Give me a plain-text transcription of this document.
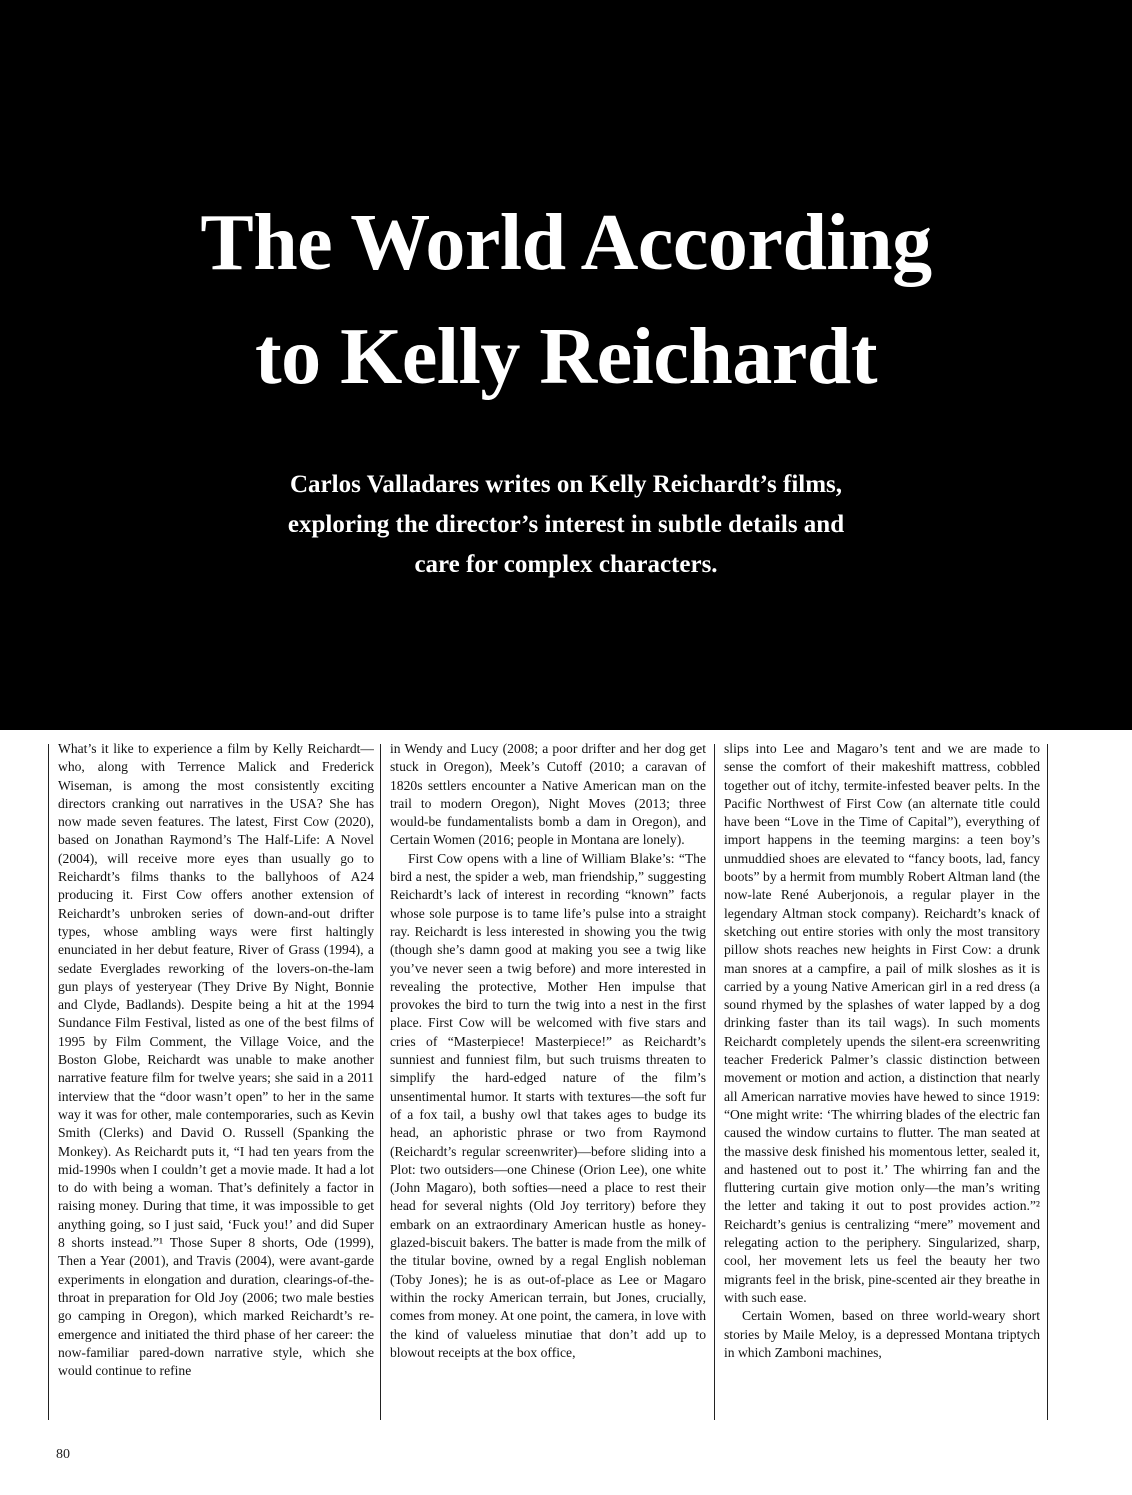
The World According
to Kelly Reichardt
Carlos Valladares writes on Kelly Reichardt’s films,
exploring the director’s interest in subtle details and
care for complex characters.

What’s it like to experience a film by Kelly Reichardt—who, along with Terrence Malick and Frederick Wiseman, is among the most consistently exciting directors cranking out narratives in the USA? She has now made seven features. The latest, First Cow (2020), based on Jonathan Raymond’s The Half-Life: A Novel (2004), will receive more eyes than usually go to Reichardt’s films thanks to the ballyhoos of A24 producing it. First Cow offers another extension of Reichardt’s unbroken series of down-and-out drifter types, whose ambling ways were first haltingly enunciated in her debut feature, River of Grass (1994), a sedate Everglades reworking of the lovers-on-the-lam gun plays of yesteryear (They Drive By Night, Bonnie and Clyde, Badlands). Despite being a hit at the 1994 Sundance Film Festival, listed as one of the best films of 1995 by Film Comment, the Village Voice, and the Boston Globe, Reichardt was unable to make another narrative feature film for twelve years; she said in a 2011 interview that the “door wasn’t open” to her in the same way it was for other, male contemporaries, such as Kevin Smith (Clerks) and David O. Russell (Spanking the Monkey). As Reichardt puts it, “I had ten years from the mid-1990s when I couldn’t get a movie made. It had a lot to do with being a woman. That’s definitely a factor in raising money. During that time, it was impossible to get anything going, so I just said, ‘Fuck you!’ and did Super 8 shorts instead.”¹ Those Super 8 shorts, Ode (1999), Then a Year (2001), and Travis (2004), were avant-garde experiments in elongation and duration, clearings-of-the-throat in preparation for Old Joy (2006; two male besties go camping in Oregon), which marked Reichardt’s re-emergence and initiated the third phase of her career: the now-familiar pared-down narrative style, which she would continue to refine

in Wendy and Lucy (2008; a poor drifter and her dog get stuck in Oregon), Meek’s Cutoff (2010; a caravan of 1820s settlers encounter a Native American man on the trail to modern Oregon), Night Moves (2013; three would-be fundamentalists bomb a dam in Oregon), and Certain Women (2016; people in Montana are lonely).

First Cow opens with a line of William Blake’s: “The bird a nest, the spider a web, man friendship,” suggesting Reichardt’s lack of interest in recording “known” facts whose sole purpose is to tame life’s pulse into a straight ray. Reichardt is less interested in showing you the twig (though she’s damn good at making you see a twig like you’ve never seen a twig before) and more interested in revealing the protective, Mother Hen impulse that provokes the bird to turn the twig into a nest in the first place. First Cow will be welcomed with five stars and cries of “Masterpiece! Masterpiece!” as Reichardt’s sunniest and funniest film, but such truisms threaten to simplify the hard-edged nature of the film’s unsentimental humor. It starts with textures—the soft fur of a fox tail, a bushy owl that takes ages to budge its head, an aphoristic phrase or two from Raymond (Reichardt’s regular screenwriter)—before sliding into a Plot: two outsiders—one Chinese (Orion Lee), one white (John Magaro), both softies—need a place to rest their head for several nights (Old Joy territory) before they embark on an extraordinary American hustle as honey-glazed-biscuit bakers. The batter is made from the milk of the titular bovine, owned by a regal English nobleman (Toby Jones); he is as out-of-place as Lee or Magaro within the rocky American terrain, but Jones, crucially, comes from money. At one point, the camera, in love with the kind of valueless minutiae that don’t add up to blowout receipts at the box office,

slips into Lee and Magaro’s tent and we are made to sense the comfort of their makeshift mattress, cobbled together out of itchy, termite-infested beaver pelts. In the Pacific Northwest of First Cow (an alternate title could have been “Love in the Time of Capital”), everything of import happens in the teeming margins: a teen boy’s unmuddied shoes are elevated to “fancy boots, lad, fancy boots” by a hermit from mumbly Robert Altman land (the now-late René Auberjonois, a regular player in the legendary Altman stock company). Reichardt’s knack of sketching out entire stories with only the most transitory pillow shots reaches new heights in First Cow: a drunk man snores at a campfire, a pail of milk sloshes as it is carried by a young Native American girl in a red dress (a sound rhymed by the splashes of water lapped by a dog drinking faster than its tail wags). In such moments Reichardt completely upends the silent-era screenwriting teacher Frederick Palmer’s classic distinction between movement or motion and action, a distinction that nearly all American narrative movies have hewed to since 1919: “One might write: ‘The whirring blades of the electric fan caused the window curtains to flutter. The man seated at the massive desk finished his momentous letter, sealed it, and hastened out to post it.’ The whirring fan and the fluttering curtain give motion only—the man’s writing the letter and taking it out to post provides action.”² Reichardt’s genius is centralizing “mere” movement and relegating action to the periphery. Singularized, sharp, cool, her movement lets us feel the beauty her two migrants feel in the brisk, pine-scented air they breathe in with such ease.

Certain Women, based on three world-weary short stories by Maile Meloy, is a depressed Montana triptych in which Zamboni machines,

80
